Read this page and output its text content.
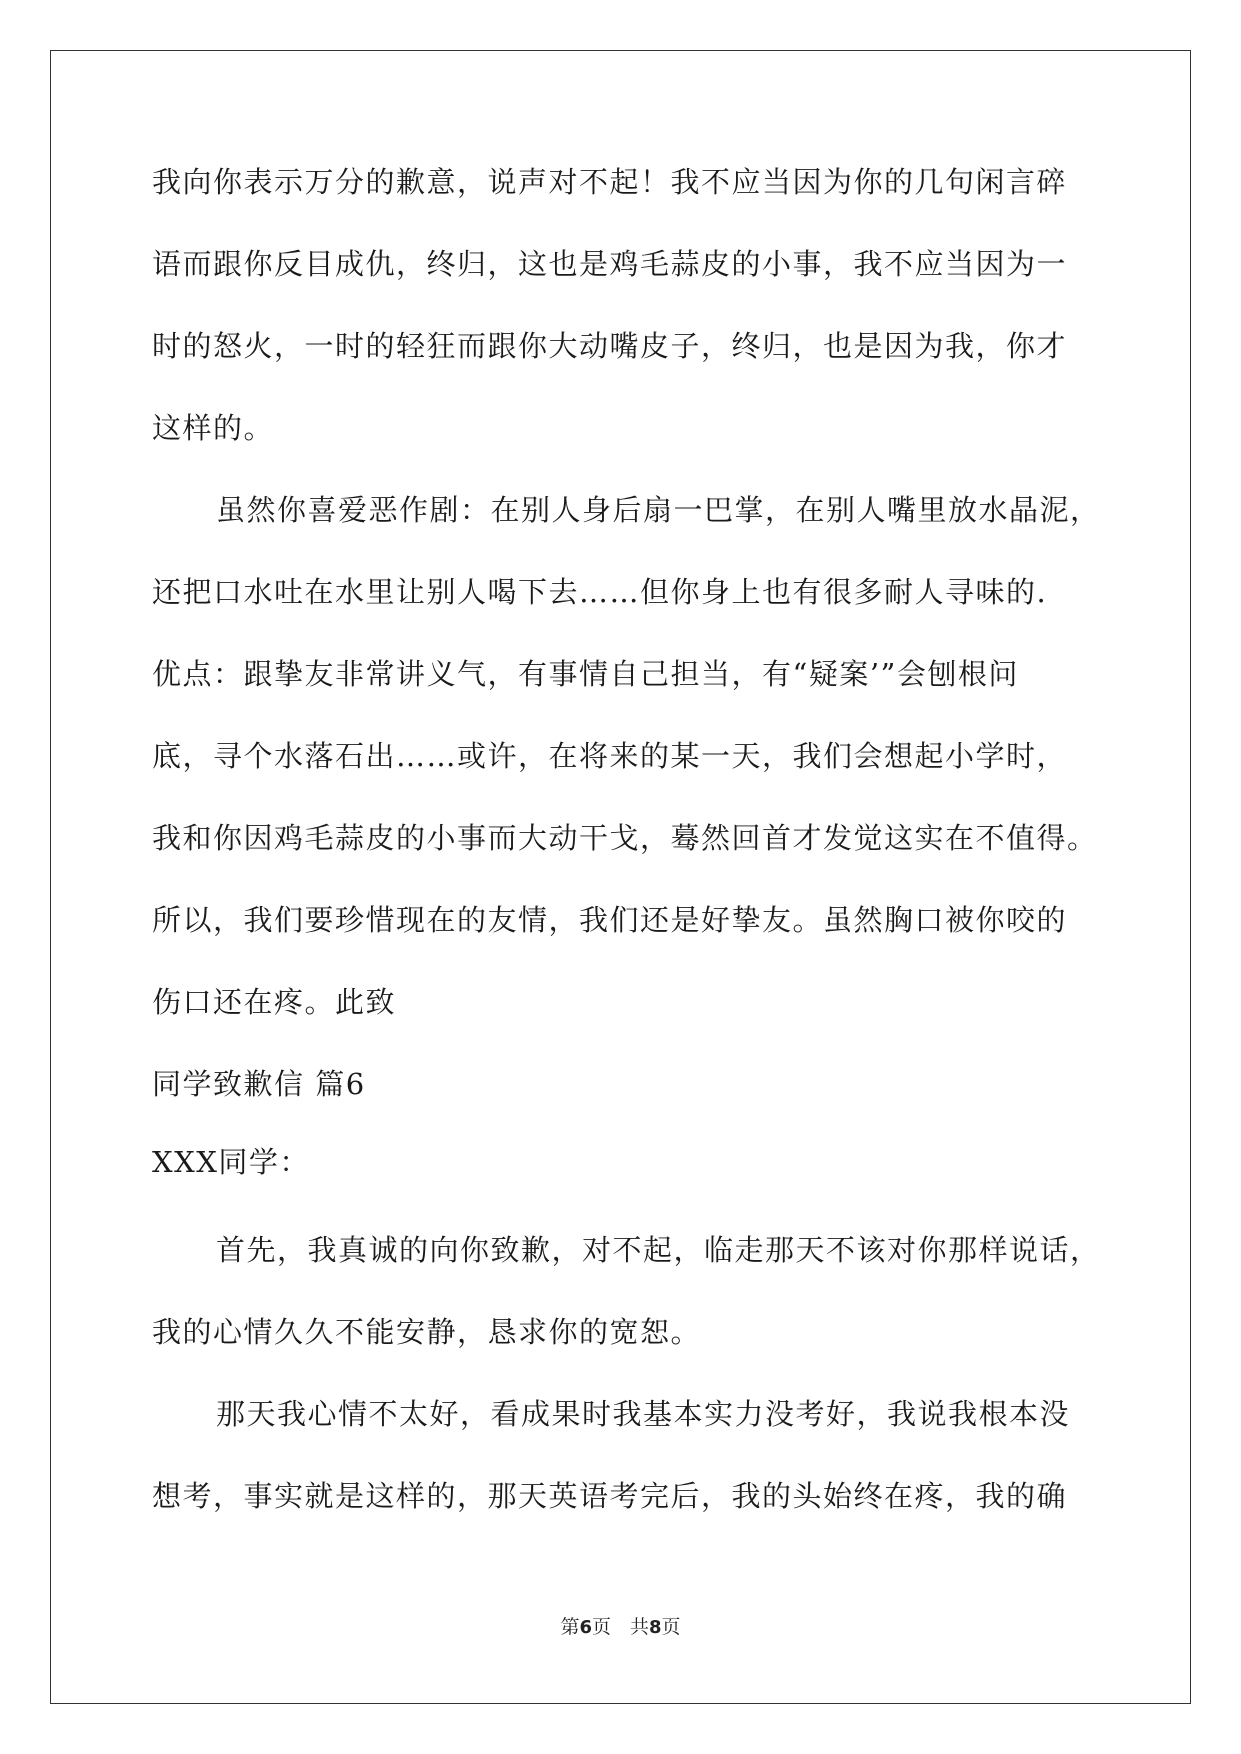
我向你表示万分的歉意，说声对不起！我不应当因为你的几句闲言碎
语而跟你反目成仇，终归，这也是鸡毛蒜皮的小事，我不应当因为一
时的怒火，一时的轻狂而跟你大动嘴皮子，终归，也是因为我，你才
这样的。
虽然你喜爱恶作剧：在别人身后扇一巴掌，在别人嘴里放水晶泥，
还把口水吐在水里让别人喝下去……但你身上也有很多耐人寻味的.
优点：跟挚友非常讲义气，有事情自己担当，有“疑案’”会刨根问
底，寻个水落石出……或许，在将来的某一天，我们会想起小学时，
我和你因鸡毛蒜皮的小事而大动干戈，蓦然回首才发觉这实在不值得。
所以，我们要珍惜现在的友情，我们还是好挚友。虽然胸口被你咬的
伤口还在疼。此致
同学致歉信 篇6
XXX同学：
首先，我真诚的向你致歉，对不起，临走那天不该对你那样说话，
我的心情久久不能安静，恳求你的宽恕。
那天我心情不太好，看成果时我基本实力没考好，我说我根本没
想考，事实就是这样的，那天英语考完后，我的头始终在疼，我的确
第6页　共8页
